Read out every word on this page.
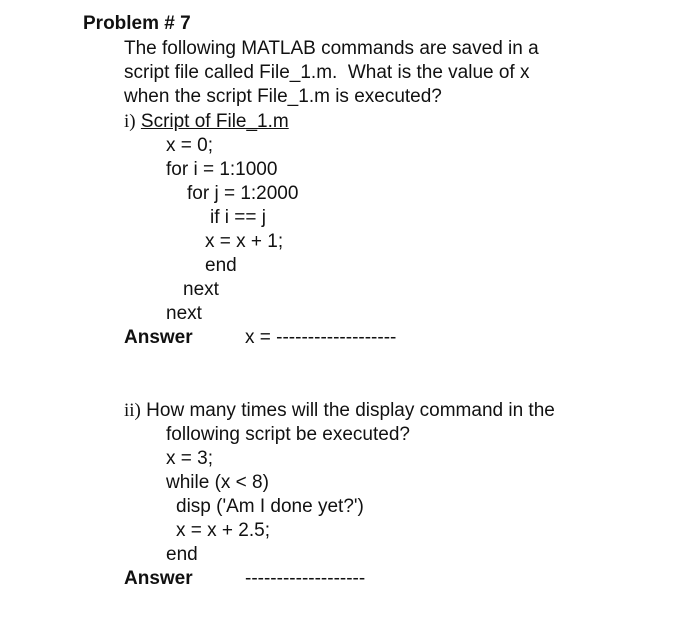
Problem # 7
The following MATLAB commands are saved in a
script file called File_1.m.  What is the value of x
when the script File_1.m is executed?
i) Script of File_1.m
x = 0;
for i = 1:1000
for j = 1:2000
if i == j
x = x + 1;
end
next
next
Answer	x = -------------------
ii) How many times will the display command in the
following script be executed?
x = 3;
while (x < 8)
disp ('Am I done yet?')
x = x + 2.5;
end
Answer	-------------------
